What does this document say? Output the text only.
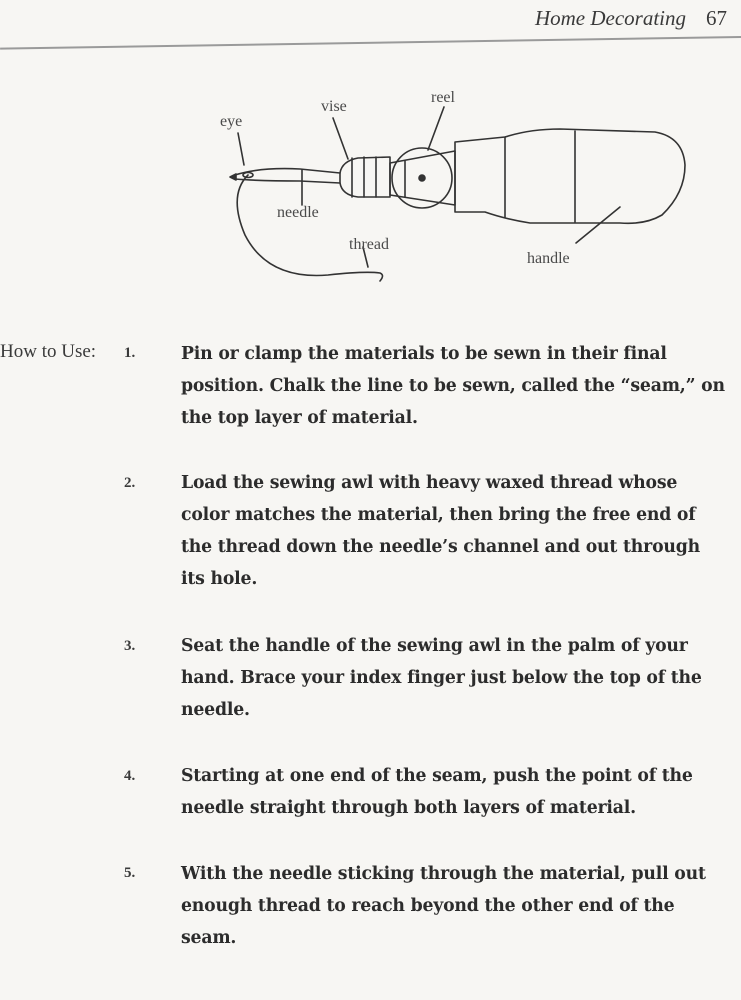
Home Decorating 67
eye
vise
reel
needle
thread
handle
How to Use: 1.	Pin or clamp the materials to be sewn in their final position. Chalk the line to be sewn, called the “seam,” on the top layer of material.
2.	Load the sewing awl with heavy waxed thread whose color matches the material, then bring the free end of the thread down the needle’s channel and out through its hole.
3.	Seat the handle of the sewing awl in the palm of your hand. Brace your index finger just below the top of the needle.
4.	Starting at one end of the seam, push the point of the needle straight through both layers of material.
5.	With the needle sticking through the material, pull out enough thread to reach beyond the other end of the seam.
